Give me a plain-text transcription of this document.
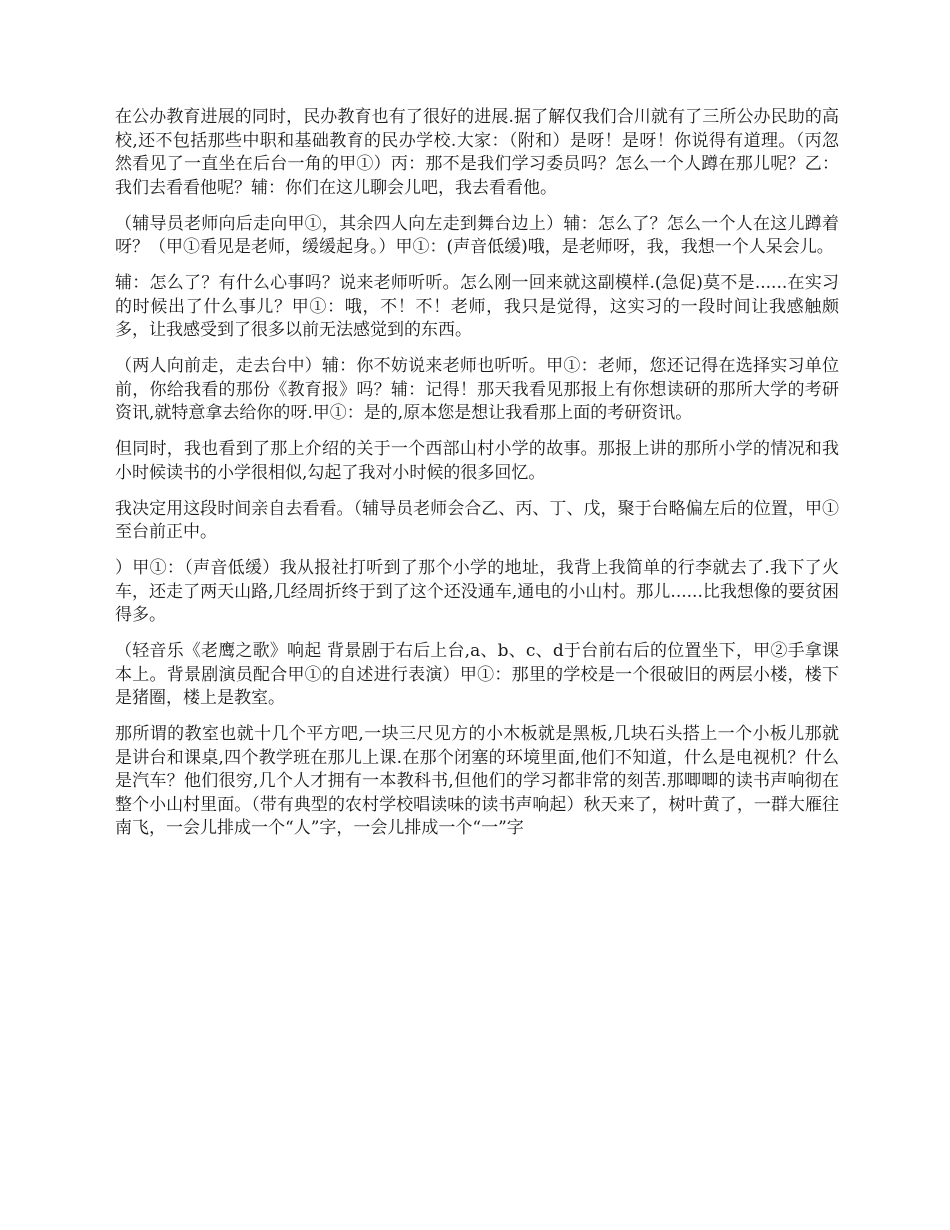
在公办教育进展的同时，民办教育也有了很好的进展.据了解仅我们合川就有了三所公办民助的高校,还不包括那些中职和基础教育的民办学校.大家：（附和）是呀！是呀！你说得有道理。（丙忽然看见了一直坐在后台一角的甲①）丙：那不是我们学习委员吗？怎么一个人蹲在那儿呢？乙：我们去看看他呢？辅：你们在这儿聊会儿吧，我去看看他。

（辅导员老师向后走向甲①，其余四人向左走到舞台边上）辅：怎么了？怎么一个人在这儿蹲着呀？（甲①看见是老师，缓缓起身。）甲①：(声音低缓)哦，是老师呀，我，我想一个人呆会儿。

辅：怎么了？有什么心事吗？说来老师听听。怎么刚一回来就这副模样.(急促)莫不是......在实习的时候出了什么事儿？甲①：哦，不！不！老师，我只是觉得，这实习的一段时间让我感触颇多，让我感受到了很多以前无法感觉到的东西。

（两人向前走，走去台中）辅：你不妨说来老师也听听。甲①：老师，您还记得在选择实习单位前，你给我看的那份《教育报》吗？辅：记得！那天我看见那报上有你想读研的那所大学的考研资讯,就特意拿去给你的呀.甲①：是的,原本您是想让我看那上面的考研资讯。

但同时，我也看到了那上介绍的关于一个西部山村小学的故事。那报上讲的那所小学的情况和我小时候读书的小学很相似,勾起了我对小时候的很多回忆。

我决定用这段时间亲自去看看。（辅导员老师会合乙、丙、丁、戊，聚于台略偏左后的位置，甲①至台前正中。

）甲①：（声音低缓）我从报社打听到了那个小学的地址，我背上我简单的行李就去了.我下了火车，还走了两天山路,几经周折终于到了这个还没通车,通电的小山村。那儿......比我想像的要贫困得多。

（轻音乐《老鹰之歌》响起 背景剧于右后上台,a、b、c、d于台前右后的位置坐下，甲②手拿课本上。背景剧演员配合甲①的自述进行表演）甲①：那里的学校是一个很破旧的两层小楼，楼下是猪圈，楼上是教室。

那所谓的教室也就十几个平方吧,一块三尺见方的小木板就是黑板,几块石头搭上一个小板儿那就是讲台和课桌,四个教学班在那儿上课.在那个闭塞的环境里面,他们不知道，什么是电视机？什么是汽车？他们很穷,几个人才拥有一本教科书,但他们的学习都非常的刻苦.那唧唧的读书声响彻在整个小山村里面。（带有典型的农村学校唱读味的读书声响起）秋天来了，树叶黄了，一群大雁往南飞，一会儿排成一个“人”字，一会儿排成一个“一”字
